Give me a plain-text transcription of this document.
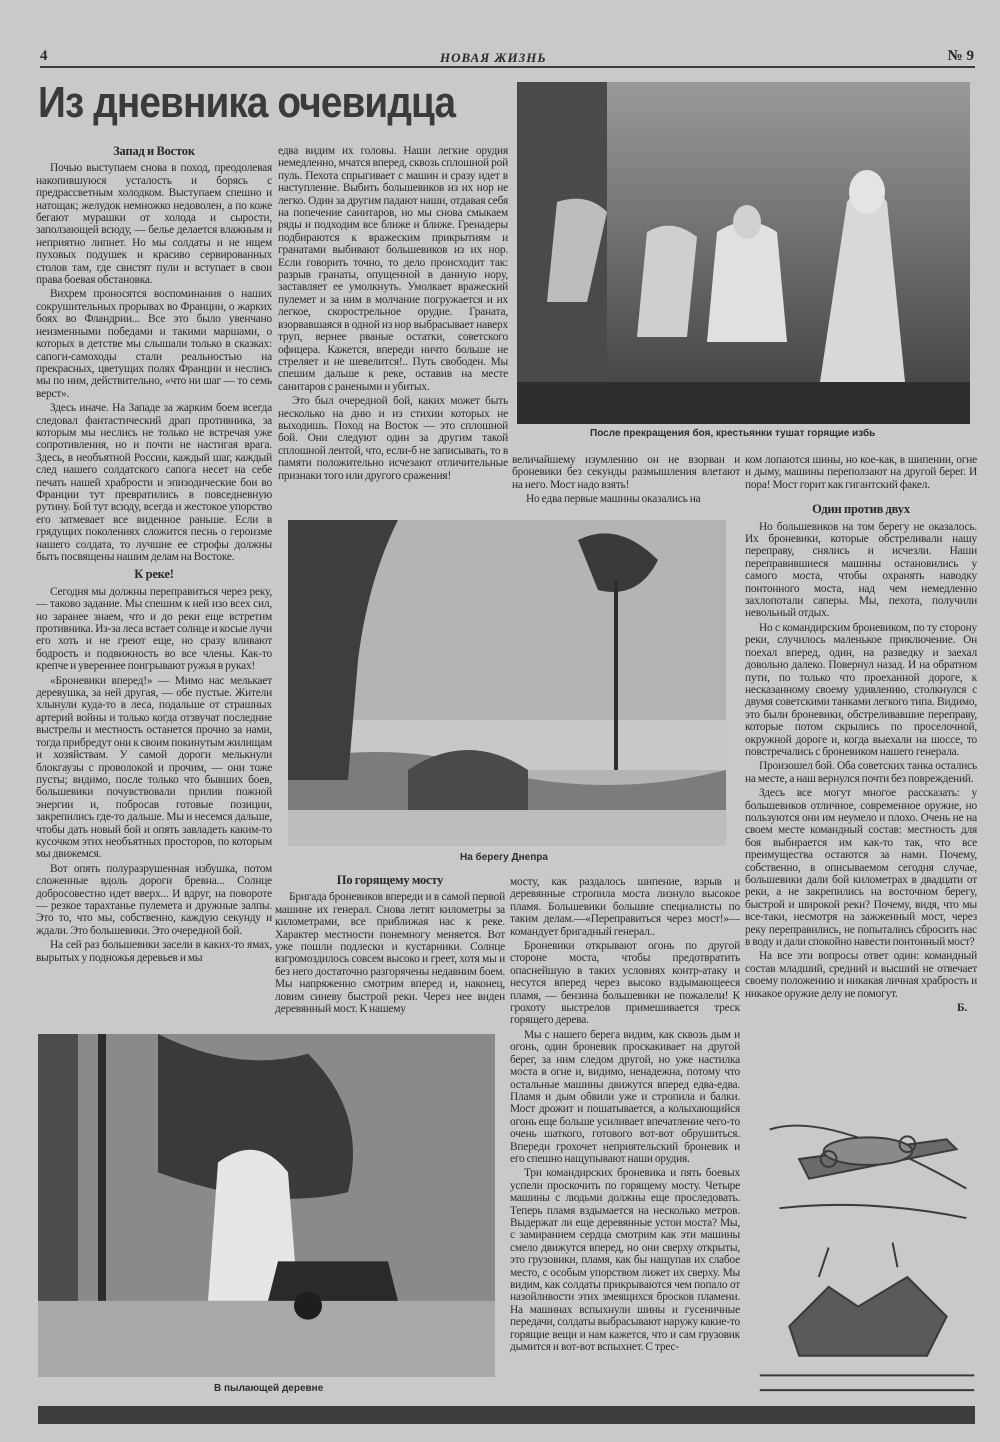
4	НОВАЯ ЖИЗНЬ	№ 9
Из дневника очевидца
Запад и Восток

Почью выступаем снова в поход, преодолевая накопившуюся усталость и борясь с предрассветным холодком. Выступаем спешно и натощак; желудок немножко недоволен, а по коже бегают мурашки от холода и сырости, заползающей всюду, — белье делается влажным и неприятно липнет. Но мы солдаты и не ищем пуховых подушек и красиво сервированных столов там, где свистят пули и вступает в свои права боевая обстановка.

Вихрем проносятся воспоминания о наших сокрушительных прорывах во Франции, о жарких боях во Фландрии... Все это было увенчано неизменными победами и такими маршами, о которых в детстве мы слышали только в сказках: сапоги-самоходы стали реальностью на прекрасных, цветущих полях Франции и неслись мы по ним, действительно, «что ни шаг — то семь верст».

Здесь иначе. На Западе за жарким боем всегда следовал фантастический драп противника, за которым мы неслись не только не встречая уже сопротивления, но и почти не настигая врага. Здесь, в необъятной России, каждый шаг, каждый след нашего солдатского сапога несет на себе печать нашей храбрости и эпизодические бои во Франции тут превратились в повседневную рутину. Бой тут всюду, всегда и жестокое упорство его затмевает все виденное раньше. Если в грядущих поколениях сложится песнь о героизме нашего солдата, то лучшие ее строфы должны быть посвящены нашим делам на Востоке.

К реке!

Сегодня мы должны переправиться через реку, — таково задание. Мы спешим к ней изо всех сил, но заранее знаем, что и до реки еще встретим противника. Из-за леса встает солнце и косые лучи его хоть и не греют еще, но сразу вливают бодрость и подвижность во все члены. Как-то крепче и увереннее поигрывают ружья в руках!

«Броневики вперед!» — Мимо нас мелькает деревушка, за ней другая, — обе пустые. Жители хлынули куда-то в леса, подальше от страшных артерий войны и только когда отзвучат последние выстрелы и местность останется прочно за нами, тогда прибредут они к своим покинутым жилищам и хозяйствам. У самой дороги мелькнули блокгаузы с проволокой и прочим, — они тоже пусты; видимо, после только что бывших боев, большевики почувствовали прилив пожной энергии и, побросав готовые позиции, закрепились где-то дальше. Мы и несемся дальше, чтобы дать новый бой и опять завладеть каким-то кусочком этих необъятных просторов, по которым мы движемся.

Вот опять полуразрушенная избушка, потом сложенные вдоль дороги бревна... Солнце добросовестно идет вверх... И вдруг, на повороте — резкое тарахтанье пулемета и дружные залпы. Это то, что мы, собственно, каждую секунду и ждали. Это большевики. Это очередной бой.

На сей раз большевики засели в каких-то ямах, вырытых у подножья деревьев и мы

едва видим их головы. Наши легкие орудия немедленно, мчатся вперед, сквозь сплошной рой пуль. Пехота спрыгивает с машин и сразу идет в наступление. Выбить большевиков из их нор не легко. Один за другим падают наши, отдавая себя на попечение санитаров, но мы снова смыкаем ряды и подходим все ближе и ближе. Гренадеры подбираются к вражеским прикрытиям и гранатами выбивают большевиков из их нор. Если говорить точно, то дело происходит так: разрыв гранаты, опущенной в данную нору, заставляет ее умолкнуть. Умолкает вражеский пулемет и за ним в молчание погружается и их легкое, скорострельное орудие. Граната, взорвавшаяся в одной из нор выбрасывает наверх труп, вернее рваные остатки, советского офицера. Кажется, впереди ничто больше не стреляет и не шевелится!.. Путь свободен. Мы спешим дальше к реке, оставив на месте санитаров с ранеными и убитых.

Это был очередной бой, каких может быть несколько на дню и из стихии которых не выходишь. Поход на Восток — это сплошной бой. Они следуют один за другим такой сплошной лентой, что, если-б не записывать, то в памяти положительно исчезают отличительные признаки того или другого сражения!

После прекращения боя, крестьянки тушат горящие избь

величайшему изумлению он не взорван и броневики без секунды размышления влетают на него. Мост надо взять!

Но едва первые машины оказались на

ком лопаются шины, но кое-как, в шипении, огне и дыму, машины переползают на другой берег. И пора! Мост горит как гигантский факел.

Один против двух

Но большевиков на том берегу не оказалось. Их броневики, которые обстреливали нашу переправу, снялись и исчезли. Наши переправившиеся машины остановились у самого моста, чтобы охранять наводку понтонного моста, над чем немедленно захлопотали саперы. Мы, пехота, получили невольный отдых.

Но с командирским броневиком, по ту сторону реки, случилось маленькое приключение. Он поехал вперед, один, на разведку и заехал довольно далеко. Повернул назад. И на обратном пути, по только что проеханной дороге, к несказанному своему удивлению, столкнулся с двумя советскими танками легкого типа. Видимо, это были броневики, обстреливавшие переправу, которые потом скрылись по проселочной, окружной дороге и, когда выехали на шоссе, то повстречались с броневиком нашего генерала.

Произошел бой. Оба советских танка остались на месте, а наш вернулся почти без повреждений.

Здесь все могут многое рассказать: у большевиков отличное, современное оружие, но пользуются они им неумело и плохо. Очень не на своем месте командный состав: местность для боя выбирается им как-то так, что все преимущества остаются за нами. Почему, собственно, в описываемом сегодня случае, большевики дали бой километрах в двадцати от реки, а не закрепились на восточном берегу, быстрой и широкой реки? Почему, видя, что мы все-таки, несмотря на зажженный мост, через реку переправились, не попытались сбросить нас в воду и дали спокойно навести понтонный мост?

На все эти вопросы ответ один: командный состав младший, средний и высший не отвечает своему положению и никакая личная храбрость и никакое оружие делу не помогут.

Б.
На берегу Днепра
По горящему мосту

Бригада броневиков впереди и в самой первой машине их генерал. Снова летят километры за километрами, все приближая нас к реке. Характер местности понемногу меняется. Вот уже пошли подлески и кустарники. Солнце взгромоздилось совсем высоко и греет, хотя мы и без него достаточно разгорячены недавним боем. Мы напряженно смотрим вперед и, наконец, ловим синеву быстрой реки. Через нее виден деревянный мост. К нашему

мосту, как раздалось шипение, взрыв и деревянные стропила моста лизнуло высокое пламя. Большевики большие специалисты по таким делам.—«Переправиться через мост!»— командует бригадный генерал..

Броневики открывают огонь по другой стороне моста, чтобы предотвратить опаснейшую в таких условиях контр-атаку и несутся вперед через высоко вздымающееся пламя, — бензина большевики не пожалели! К грохоту выстрелов примешивается треск горящего дерева.

Мы с нашего берега видим, как сквозь дым и огонь, один броневик проскакивает на другой берег, за ним следом другой, но уже настилка моста в огне и, видимо, ненадежна, потому что остальные машины движутся вперед едва-едва. Пламя и дым обвили уже и стропила и балки. Мост дрожит и пошатывается, а колыхающийся огонь еще больше усиливает впечатление чего-то очень шаткого, готового вот-вот обрушиться. Впереди грохочет неприятельский броневик и его спешно нащупывают наши орудия.

Три командирских броневика и пять боевых успели проскочить по горящему мосту. Четыре машины с людьми должны еще проследовать. Теперь пламя вздымается на несколько метров. Выдержат ли еще деревянные устои моста? Мы, с замиранием сердца смотрим как эти машины смело движутся вперед, но они сверху открыты, это грузовики, пламя, как бы нащупав их слабое место, с особым упорством лижет их сверху. Мы видим, как солдаты прикрываются чем попало от назойливости этих змеящихся бросков пламени. На машинах вспыхнули шины и гусеничные передачи, солдаты выбрасывают наружу какие-то горящие вещи и нам кажется, что и сам грузовик дымится и вот-вот вспыхнет. С трес-

В пылающей деревне
